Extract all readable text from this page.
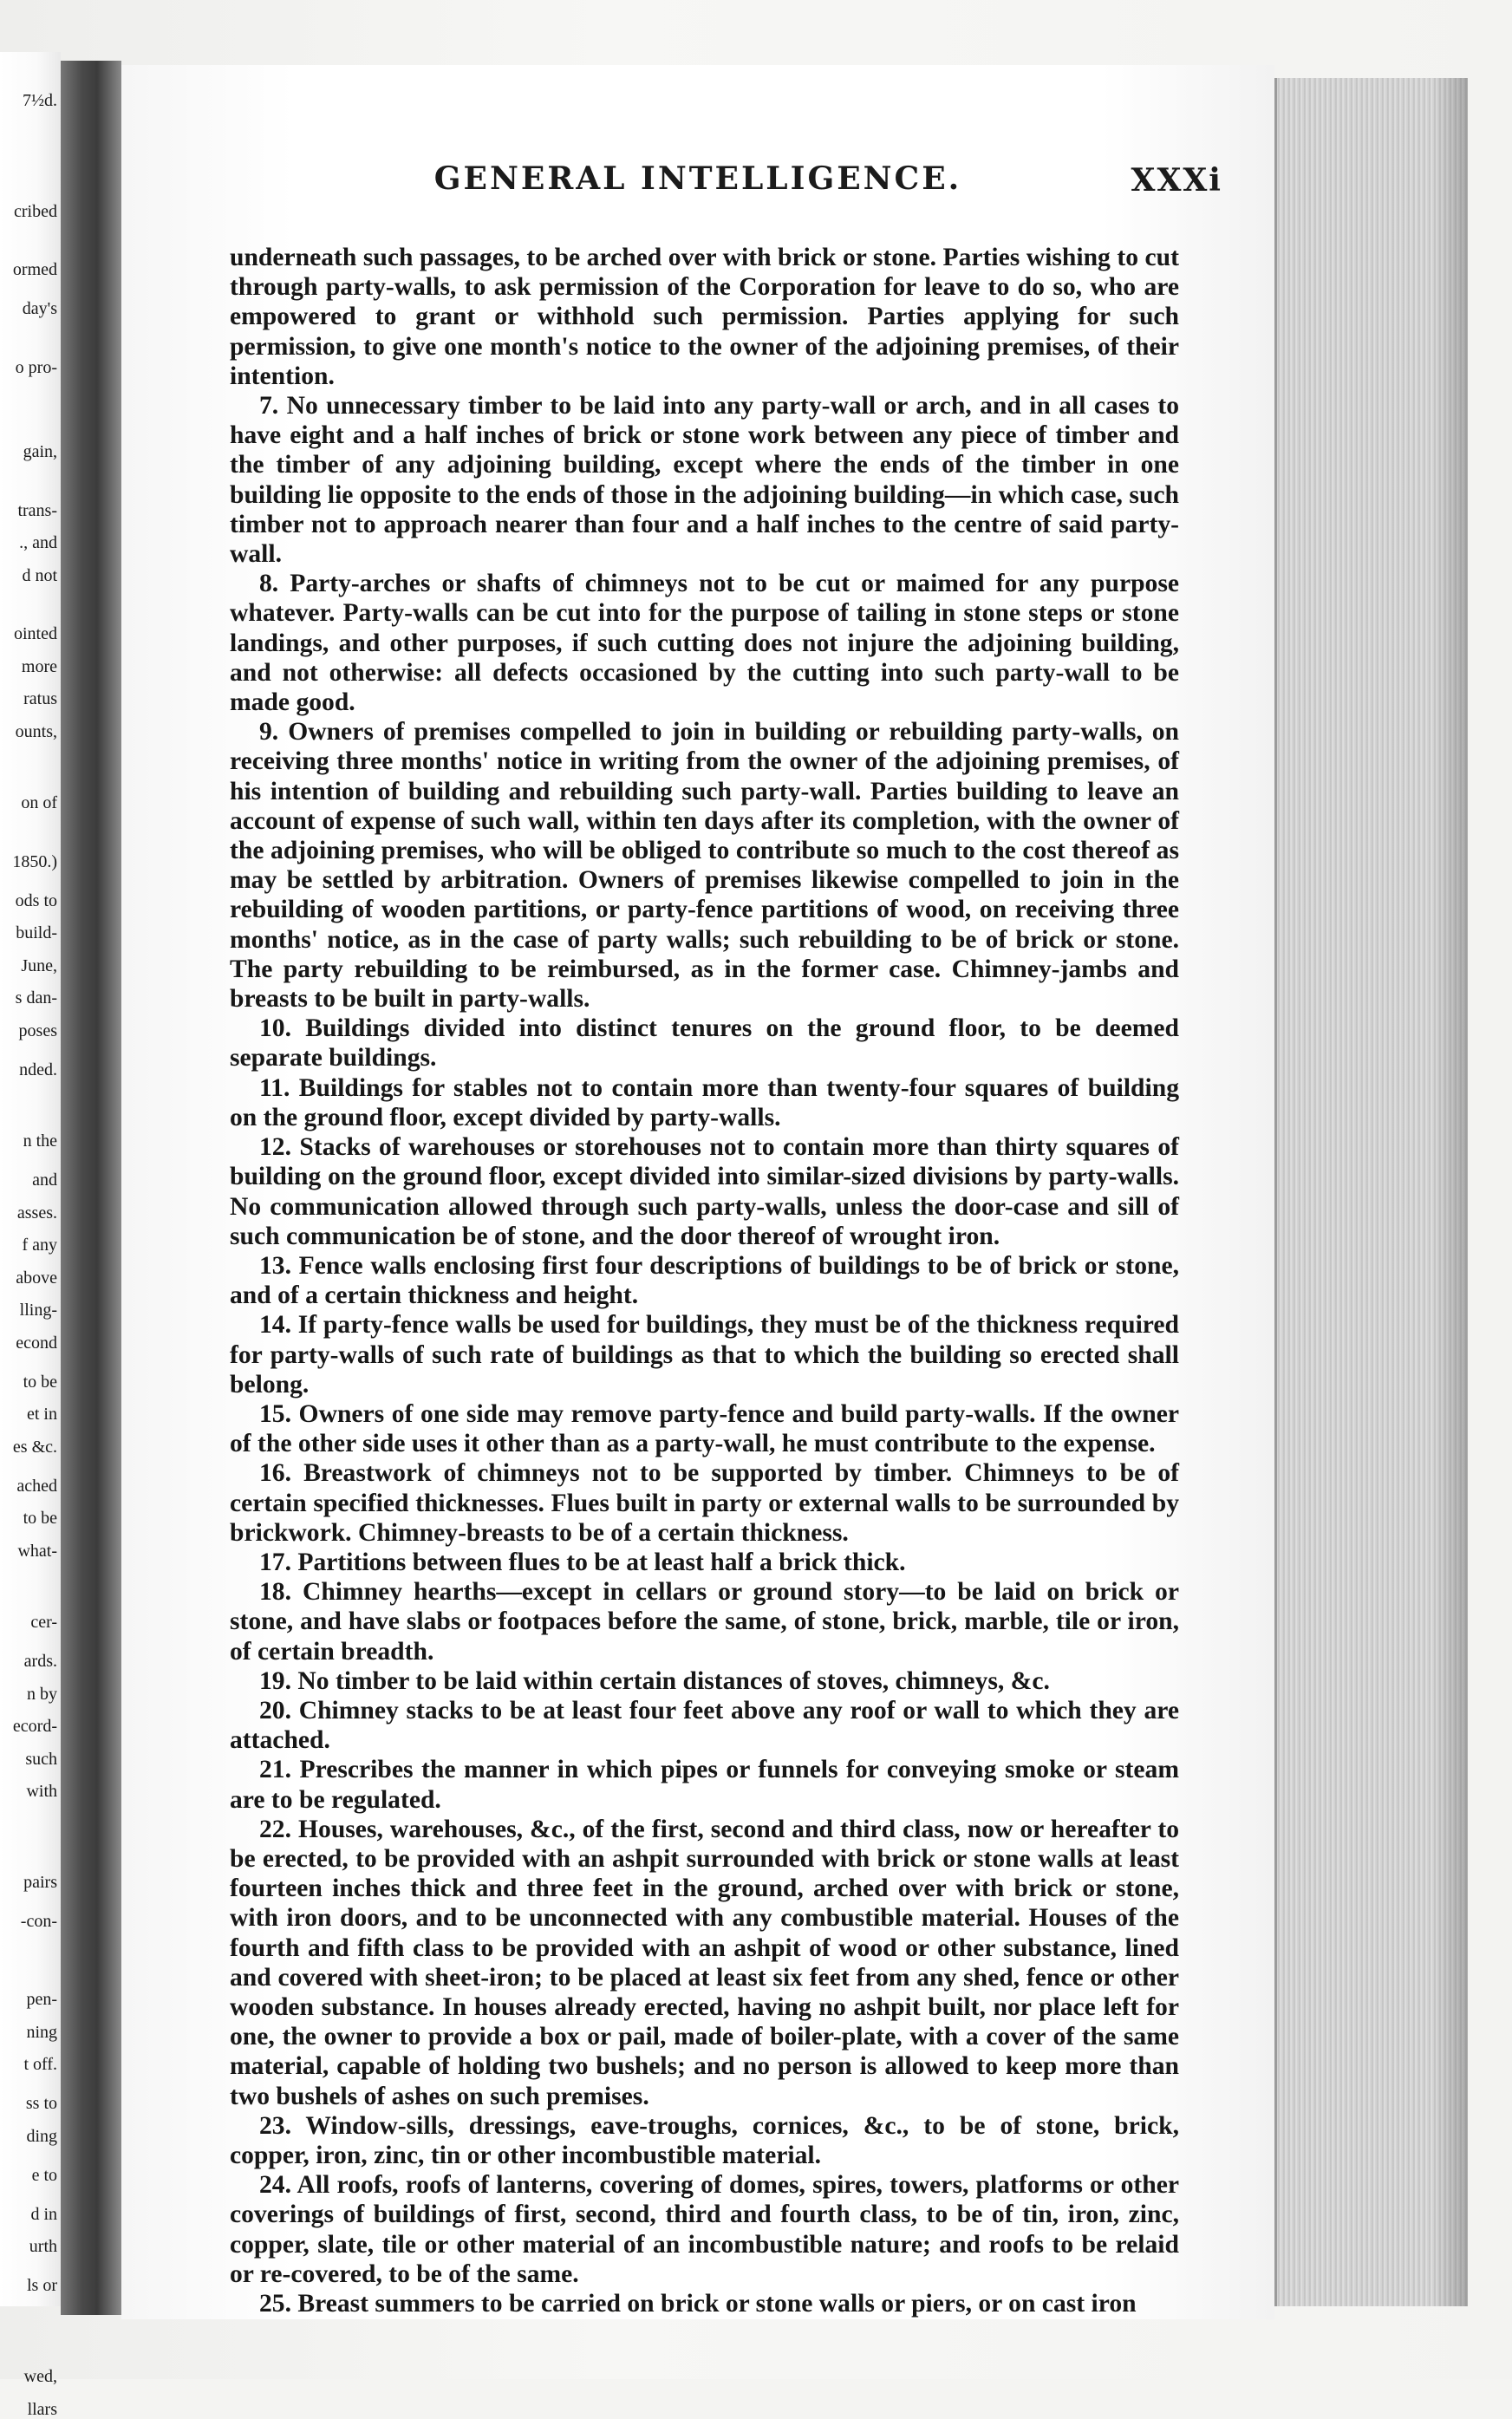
7½d.
cribed
ormed
day's
o pro-
gain,
trans-
., and
d not
ointed
more
ratus
ounts,
on of
1850.)
ods to
build-
June,
s dan-
poses
nded.
n the
and
asses.
f any
above
lling-
econd
to be
et in
es &c.
ached
to be
what-
cer-
ards.
n by
ecord-
such
with
pairs
-con-
pen-
ning
t off.
ss to
ding
e to
d in
urth
ls or
wed,
llars
GENERAL INTELLIGENCE.	XXXi

underneath such passages, to be arched over with brick or stone. Parties wishing to cut through party-walls, to ask permission of the Corporation for leave to do so, who are empowered to grant or withhold such permission. Parties applying for such permission, to give one month's notice to the owner of the adjoining premises, of their intention.

7. No unnecessary timber to be laid into any party-wall or arch, and in all cases to have eight and a half inches of brick or stone work between any piece of timber and the timber of any adjoining building, except where the ends of the timber in one building lie opposite to the ends of those in the adjoining building—in which case, such timber not to approach nearer than four and a half inches to the centre of said party-wall.

8. Party-arches or shafts of chimneys not to be cut or maimed for any purpose whatever. Party-walls can be cut into for the purpose of tailing in stone steps or stone landings, and other purposes, if such cutting does not injure the adjoining building, and not otherwise: all defects occasioned by the cutting into such party-wall to be made good.

9. Owners of premises compelled to join in building or rebuilding party-walls, on receiving three months' notice in writing from the owner of the adjoining premises, of his intention of building and rebuilding such party-wall. Parties building to leave an account of expense of such wall, within ten days after its completion, with the owner of the adjoining premises, who will be obliged to contribute so much to the cost thereof as may be settled by arbitration. Owners of premises likewise compelled to join in the rebuilding of wooden partitions, or party-fence partitions of wood, on receiving three months' notice, as in the case of party walls; such rebuilding to be of brick or stone. The party rebuilding to be reimbursed, as in the former case. Chimney-jambs and breasts to be built in party-walls.

10. Buildings divided into distinct tenures on the ground floor, to be deemed separate buildings.

11. Buildings for stables not to contain more than twenty-four squares of building on the ground floor, except divided by party-walls.

12. Stacks of warehouses or storehouses not to contain more than thirty squares of building on the ground floor, except divided into similar-sized divisions by party-walls. No communication allowed through such party-walls, unless the door-case and sill of such communication be of stone, and the door thereof of wrought iron.

13. Fence walls enclosing first four descriptions of buildings to be of brick or stone, and of a certain thickness and height.

14. If party-fence walls be used for buildings, they must be of the thickness required for party-walls of such rate of buildings as that to which the building so erected shall belong.

15. Owners of one side may remove party-fence and build party-walls. If the owner of the other side uses it other than as a party-wall, he must contribute to the expense.

16. Breastwork of chimneys not to be supported by timber. Chimneys to be of certain specified thicknesses. Flues built in party or external walls to be surrounded by brickwork. Chimney-breasts to be of a certain thickness.

17. Partitions between flues to be at least half a brick thick.

18. Chimney hearths—except in cellars or ground story—to be laid on brick or stone, and have slabs or footpaces before the same, of stone, brick, marble, tile or iron, of certain breadth.

19. No timber to be laid within certain distances of stoves, chimneys, &c.

20. Chimney stacks to be at least four feet above any roof or wall to which they are attached.

21. Prescribes the manner in which pipes or funnels for conveying smoke or steam are to be regulated.

22. Houses, warehouses, &c., of the first, second and third class, now or hereafter to be erected, to be provided with an ashpit surrounded with brick or stone walls at least fourteen inches thick and three feet in the ground, arched over with brick or stone, with iron doors, and to be unconnected with any combustible material. Houses of the fourth and fifth class to be provided with an ashpit of wood or other substance, lined and covered with sheet-iron; to be placed at least six feet from any shed, fence or other wooden substance. In houses already erected, having no ashpit built, nor place left for one, the owner to provide a box or pail, made of boiler-plate, with a cover of the same material, capable of holding two bushels; and no person is allowed to keep more than two bushels of ashes on such premises.

23. Window-sills, dressings, eave-troughs, cornices, &c., to be of stone, brick, copper, iron, zinc, tin or other incombustible material.

24. All roofs, roofs of lanterns, covering of domes, spires, towers, platforms or other coverings of buildings of first, second, third and fourth class, to be of tin, iron, zinc, copper, slate, tile or other material of an incombustible nature; and roofs to be relaid or re-covered, to be of the same.

25. Breast summers to be carried on brick or stone walls or piers, or on cast iron
